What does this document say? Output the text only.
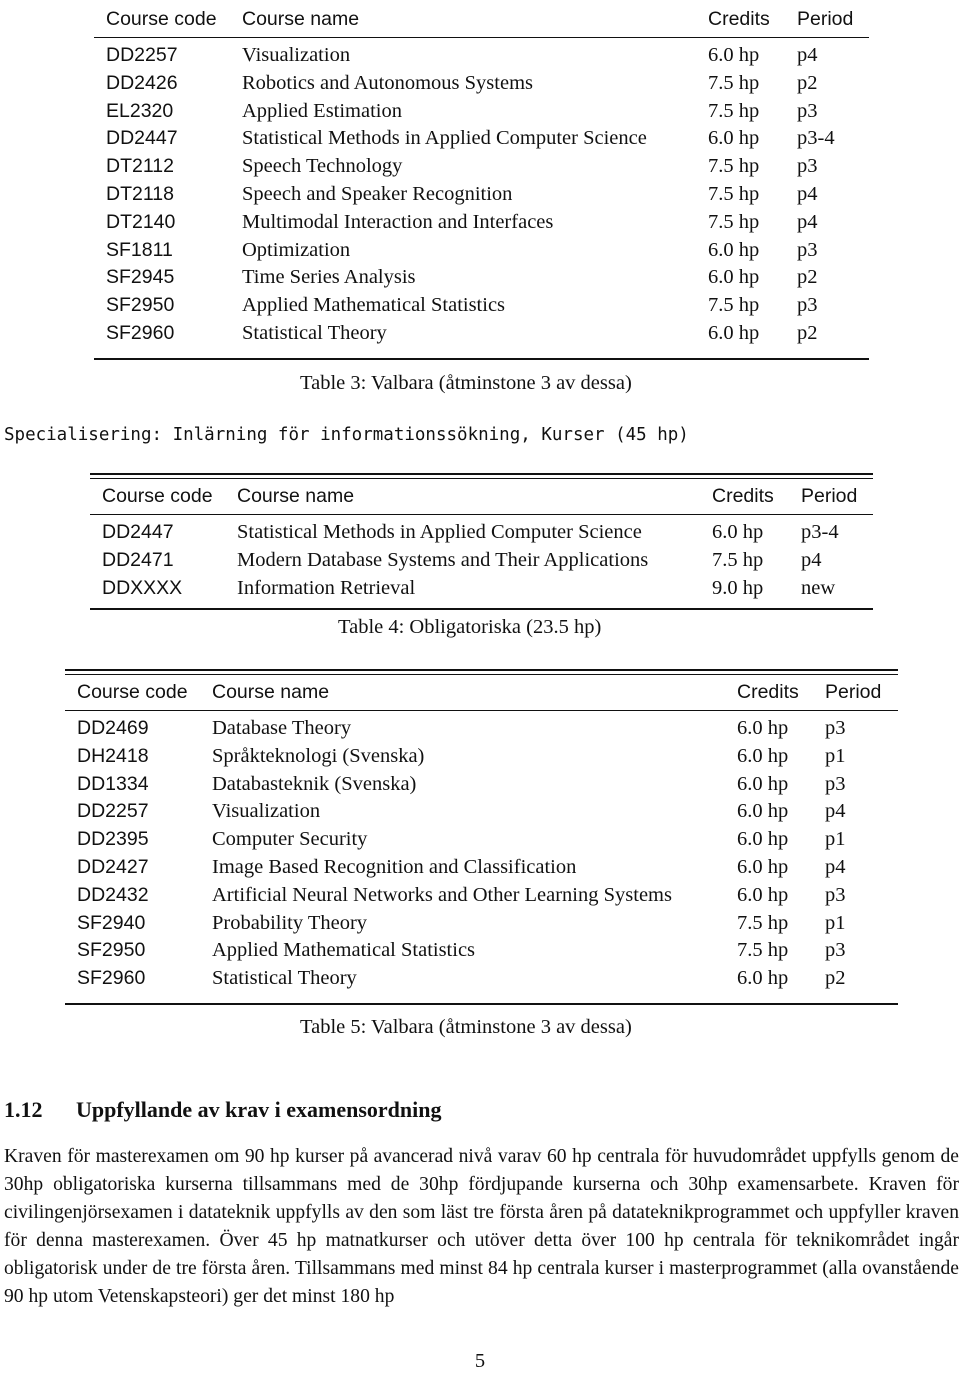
Course code Course name	Credits Period
DD2257	Visualization	6.0 hp p4
DD2426	Robotics and Autonomous Systems	7.5 hp p2
EL2320	Applied Estimation	7.5 hp p3
DD2447	Statistical Methods in Applied Computer Science	6.0 hp p3-4
DT2112	Speech Technology	7.5 hp p3
DT2118	Speech and Speaker Recognition	7.5 hp p4
DT2140	Multimodal Interaction and Interfaces	7.5 hp p4
SF1811	Optimization	6.0 hp p3
SF2945	Time Series Analysis	6.0 hp p2
SF2950	Applied Mathematical Statistics	7.5 hp p3
SF2960	Statistical Theory	6.0 hp p2
Table 3: Valbara (åtminstone 3 av dessa)
Specialisering: Inlärning för informationssökning, Kurser (45 hp)
Course code Course name	Credits Period
DD2447	Statistical Methods in Applied Computer Science	6.0 hp p3-4
DD2471	Modern Database Systems and Their Applications	7.5 hp p4
DDXXXX	Information Retrieval	9.0 hp new
Table 4: Obligatoriska (23.5 hp)
Course code Course name	Credits Period
DD2469	Database Theory	6.0 hp p3
DH2418	Språkteknologi (Svenska)	6.0 hp p1
DD1334	Databasteknik (Svenska)	6.0 hp p3
DD2257	Visualization	6.0 hp p4
DD2395	Computer Security	6.0 hp p1
DD2427	Image Based Recognition and Classification	6.0 hp p4
DD2432	Artificial Neural Networks and Other Learning Systems	6.0 hp p3
SF2940	Probability Theory	7.5 hp p1
SF2950	Applied Mathematical Statistics	7.5 hp p3
SF2960	Statistical Theory	6.0 hp p2
Table 5: Valbara (åtminstone 3 av dessa)
1.12 Uppfyllande av krav i examensordning
Kraven för masterexamen om 90 hp kurser på avancerad nivå varav 60 hp centrala för huvudområdet uppfylls genom de 30hp obligatoriska kurserna tillsammans med de 30hp fördjupande kurserna och 30hp examensarbete. Kraven för civilingenjörsexamen i datateknik uppfylls av den som läst tre första åren på datateknikprogrammet och uppfyller kraven för denna masterexamen. Över 45 hp matnatkurser och utöver detta över 100 hp centrala för teknikområdet ingår obligatorisk under de tre första åren. Tillsammans med minst 84 hp centrala kurser i masterprogrammet (alla ovanstående 90 hp utom Vetenskapsteori) ger det minst 180 hp
5
